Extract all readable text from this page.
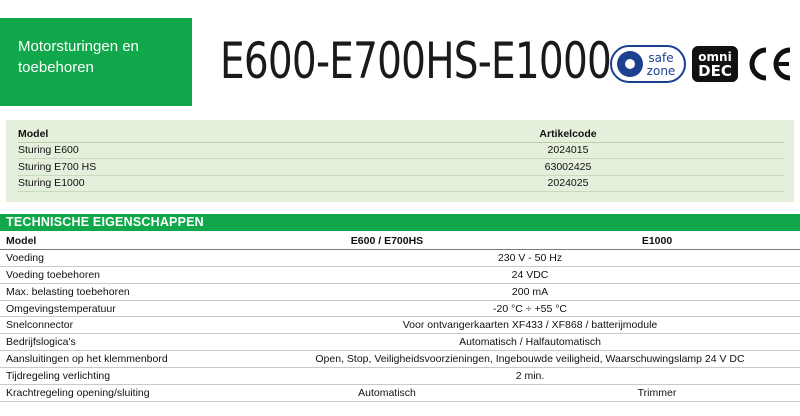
Motorsturingen en
toebehoren	E600-E700HS-E1000	safe
zone
omni
DEC
Model	Artikelcode
Sturing E600	2024015
Sturing E700 HS	63002425
Sturing E1000	2024025
TECHNISCHE EIGENSCHAPPEN
Model	E600 / E700HS	E1000
Voeding	230 V - 50 Hz
Voeding toebehoren	24 VDC
Max. belasting toebehoren	200 mA
Omgevingstemperatuur	-20 °C ÷ +55 °C
Snelconnector	Voor ontvangerkaarten XF433 / XF868 / batterijmodule
Bedrijfslogica's	Automatisch / Halfautomatisch
Aansluitingen op het klemmenbord	Open, Stop, Veiligheidsvoorzieningen, Ingebouwde veiligheid, Waarschuwingslamp 24 V DC
Tijdregeling verlichting	2 min.
Krachtregeling opening/sluiting	Automatisch	Trimmer
